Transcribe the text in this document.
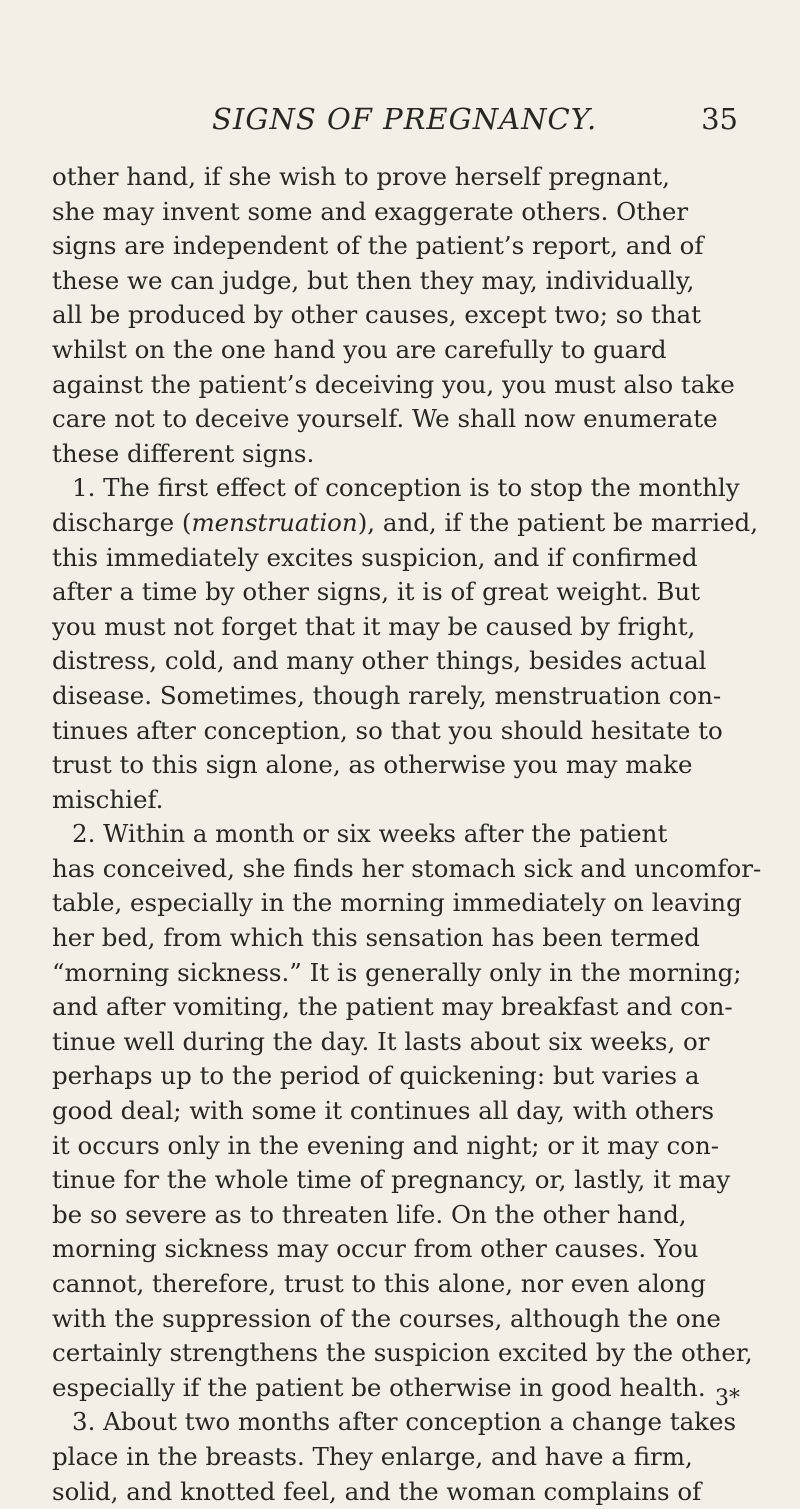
SIGNS OF PREGNANCY.	35
other hand, if she wish to prove herself pregnant,
she may invent some and exaggerate others. Other
signs are independent of the patient’s report, and of
these we can judge, but then they may, individually,
all be produced by other causes, except two; so that
whilst on the one hand you are carefully to guard
against the patient’s deceiving you, you must also take
care not to deceive yourself. We shall now enumerate
these different signs.
1. The first effect of conception is to stop the monthly
discharge (menstruation), and, if the patient be married,
this immediately excites suspicion, and if confirmed
after a time by other signs, it is of great weight. But
you must not forget that it may be caused by fright,
distress, cold, and many other things, besides actual
disease. Sometimes, though rarely, menstruation con-
tinues after conception, so that you should hesitate to
trust to this sign alone, as otherwise you may make
mischief.
2. Within a month or six weeks after the patient
has conceived, she finds her stomach sick and uncomfor-
table, especially in the morning immediately on leaving
her bed, from which this sensation has been termed
“morning sickness.” It is generally only in the morning;
and after vomiting, the patient may breakfast and con-
tinue well during the day. It lasts about six weeks, or
perhaps up to the period of quickening: but varies a
good deal; with some it continues all day, with others
it occurs only in the evening and night; or it may con-
tinue for the whole time of pregnancy, or, lastly, it may
be so severe as to threaten life. On the other hand,
morning sickness may occur from other causes. You
cannot, therefore, trust to this alone, nor even along
with the suppression of the courses, although the one
certainly strengthens the suspicion excited by the other,
especially if the patient be otherwise in good health.
3. About two months after conception a change takes
place in the breasts. They enlarge, and have a firm,
solid, and knotted feel, and the woman complains of
3*
